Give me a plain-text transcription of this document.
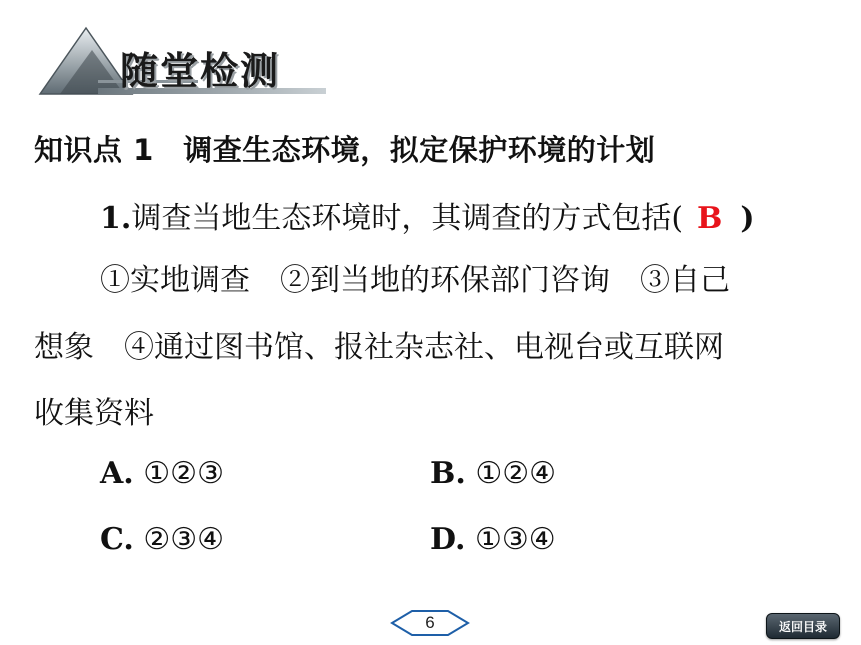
随堂检测
知识点 1　调查生态环境，拟定保护环境的计划
1.调查当地生态环境时，其调查的方式包括( B )
①实地调查　②到当地的环保部门咨询　③自己
想象　④通过图书馆、报社杂志社、电视台或互联网
收集资料
A. ①②③	B. ①②④
C. ②③④	D. ①③④
6	返回目录
